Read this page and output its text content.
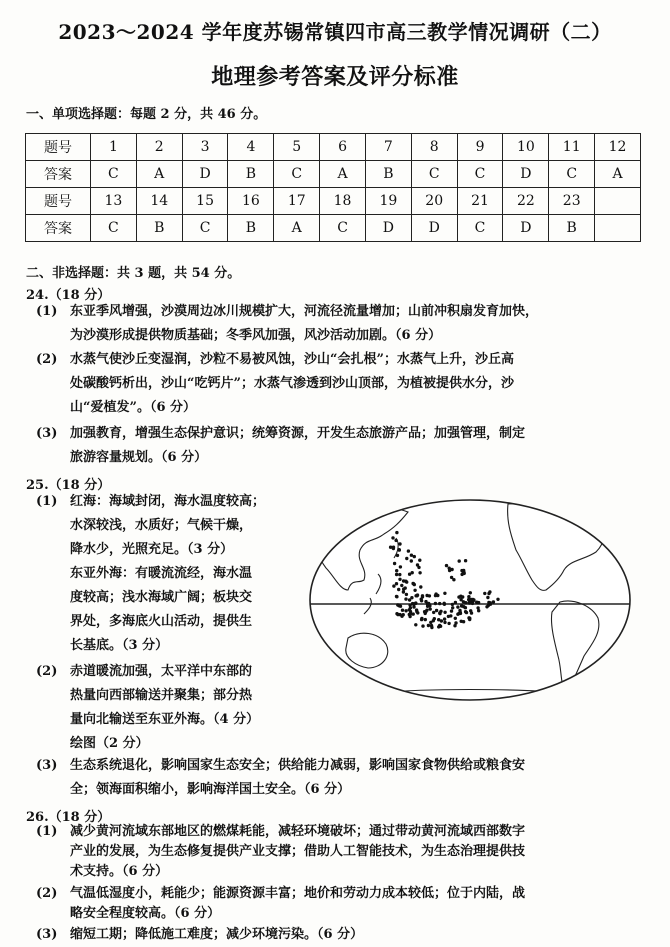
2023～2024 学年度苏锡常镇四市高三教学情况调研（二）
地理参考答案及评分标准
一、单项选择题：每题 2 分，共 46 分。
题号	1	2	3	4	5	6	7	8	9	10	11	12
答案	C	A	D	B	C	A	B	C	C	D	C	A
题号	13	14	15	16	17	18	19	20	21	22	23	
答案	C	B	C	B	A	C	D	D	C	D	B	
二、非选择题：共 3 题，共 54 分。
24.（18 分）
(1) 东亚季风增强，沙漠周边冰川规模扩大，河流径流量增加；山前冲积扇发育加快，
为沙漠形成提供物质基础；冬季风加强，风沙活动加剧。（6 分）
(2) 水蒸气使沙丘变湿润，沙粒不易被风蚀，沙山“会扎根”；水蒸气上升，沙丘高
处碳酸钙析出，沙山“吃钙片”；水蒸气渗透到沙山顶部，为植被提供水分，沙
山“爱植发”。（6 分）
(3) 加强教育，增强生态保护意识；统筹资源，开发生态旅游产品；加强管理，制定
旅游容量规划。（6 分）
25.（18 分）
(1) 红海：海域封闭，海水温度较高；
水深较浅，水质好；气候干燥，
降水少，光照充足。（3 分）
东亚外海：有暖流流经，海水温
度较高；浅水海域广阔；板块交
界处，多海底火山活动，提供生
长基底。（3 分）
(2) 赤道暖流加强，太平洋中东部的
热量向西部输送并聚集；部分热
量向北输送至东亚外海。（4 分）
绘图（2 分）
(3) 生态系统退化，影响国家生态安全；供给能力减弱，影响国家食物供给或粮食安
全；领海面积缩小，影响海洋国土安全。（6 分）
26.（18 分）
(1) 减少黄河流域东部地区的燃煤耗能，减轻环境破坏；通过带动黄河流域西部数字
产业的发展，为生态修复提供产业支撑；借助人工智能技术，为生态治理提供技
术支持。（6 分）
(2) 气温低湿度小，耗能少；能源资源丰富；地价和劳动力成本较低；位于内陆，战
略安全程度较高。（6 分）
(3) 缩短工期；降低施工难度；减少环境污染。（6 分）
